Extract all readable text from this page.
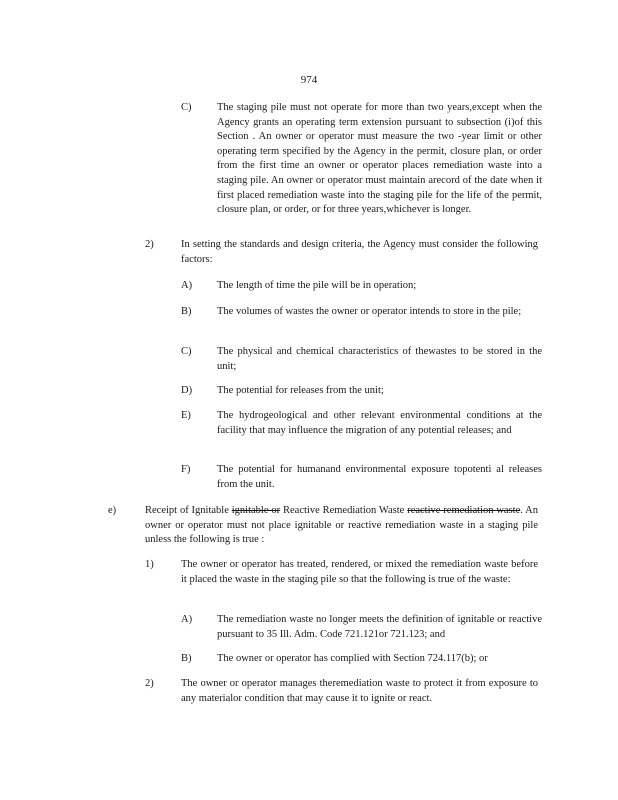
974
C) The staging pile must not operate for more than two years,except when the Agency grants an operating term extension pursuant to subsection (i)of this Section . An owner or operator must measure the two -year limit or other operating term specified by the Agency in the permit, closure plan, or order from the first time an owner or operator places remediation waste into a staging pile. An owner or operator must maintain arecord of the date when it first placed remediation waste into the staging pile for the life of the permit, closure plan, or order, or for three years,whichever is longer.
2)	In setting the standards and design criteria, the Agency must consider the following factors:
A) The length of time the pile will be in operation;
B) The volumes of wastes the owner or operator intends to store in the pile;
C) The physical and chemical characteristics of thewastes to be stored in the unit;
D) The potential for releases from the unit;
E) The hydrogeological and other relevant environmental conditions at the facility that may influence the migration of any potential releases; and
F)	The potential for humanand environmental exposure topotenti al releases from the unit.
e)	Receipt of Ignitable ignitable or Reactive Remediation Waste reactive remediation waste. An owner or operator must not place ignitable or reactive remediation waste in a staging pile unless the following is true :
1)	The owner or operator has treated, rendered, or mixed the remediation waste before it placed the waste in the staging pile so that the following is true of the waste:
A) The remediation waste no longer meets the definition of ignitable or reactive pursuant to 35 Ill. Adm. Code 721.121or 721.123; and
B) The owner or operator has complied with Section 724.117(b); or
2)	The owner or operator manages theremediation waste to protect it from exposure to any materialor condition that may cause it to ignite or react.
